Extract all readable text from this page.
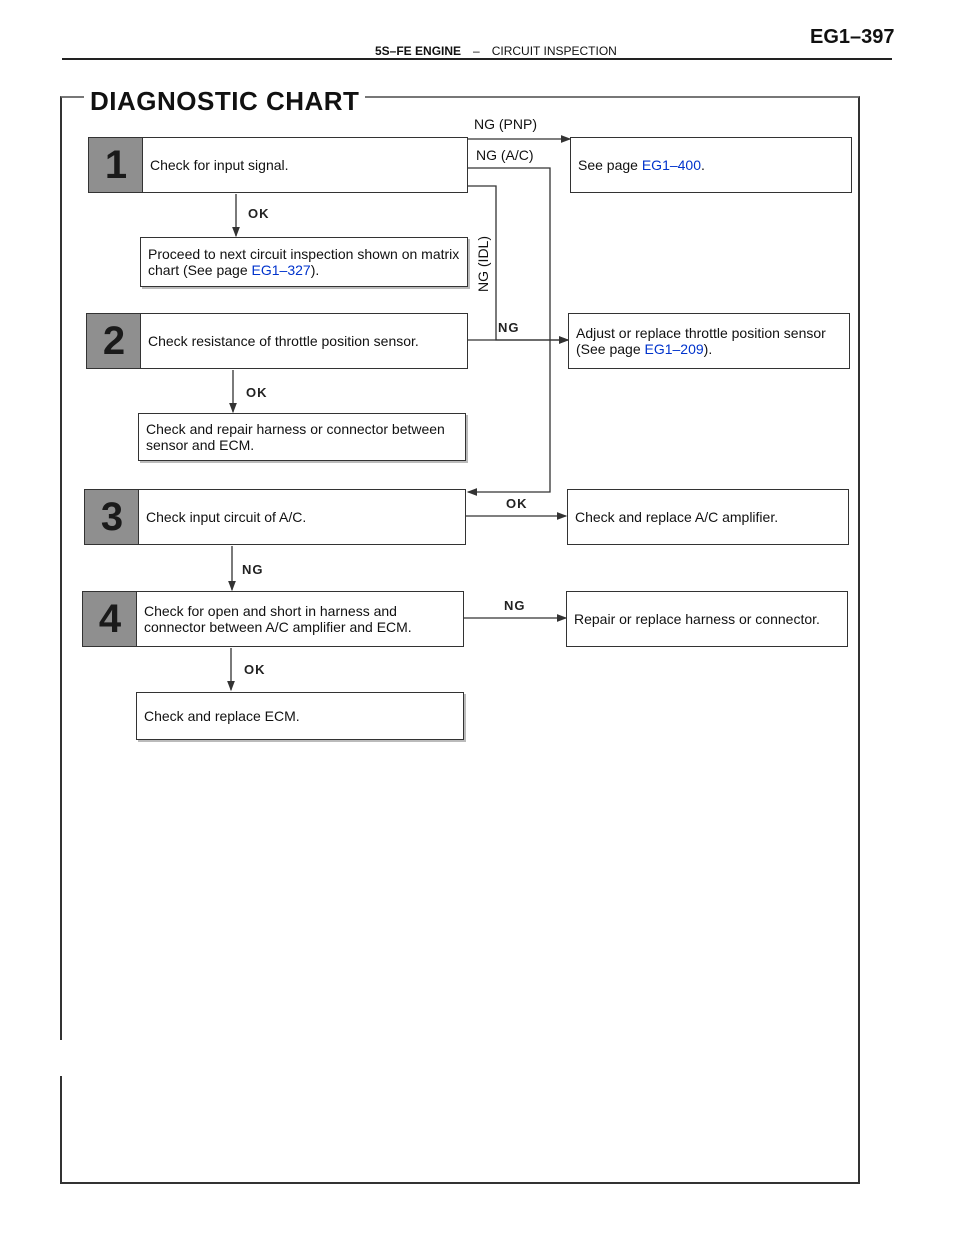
5S–FE ENGINE – CIRCUIT INSPECTION
EG1–397
DIAGNOSTIC CHART
1	Check for input signal.	See page EG1–400.
NG (PNP)
NG (A/C)
NG (IDL)
OK
Proceed to next circuit inspection shown on matrix chart (See page EG1–327).
2	Check resistance of throttle position sensor.
NG	Adjust or replace throttle position sensor (See page EG1–209).
OK
Check and repair harness or connector between sensor and ECM.
3	Check input circuit of A/C.
OK
Check and replace A/C amplifier.
NG
4	Check for open and short in harness and connector between A/C amplifier and ECM.
NG
Repair or replace harness or connector.
OK
Check and replace ECM.
